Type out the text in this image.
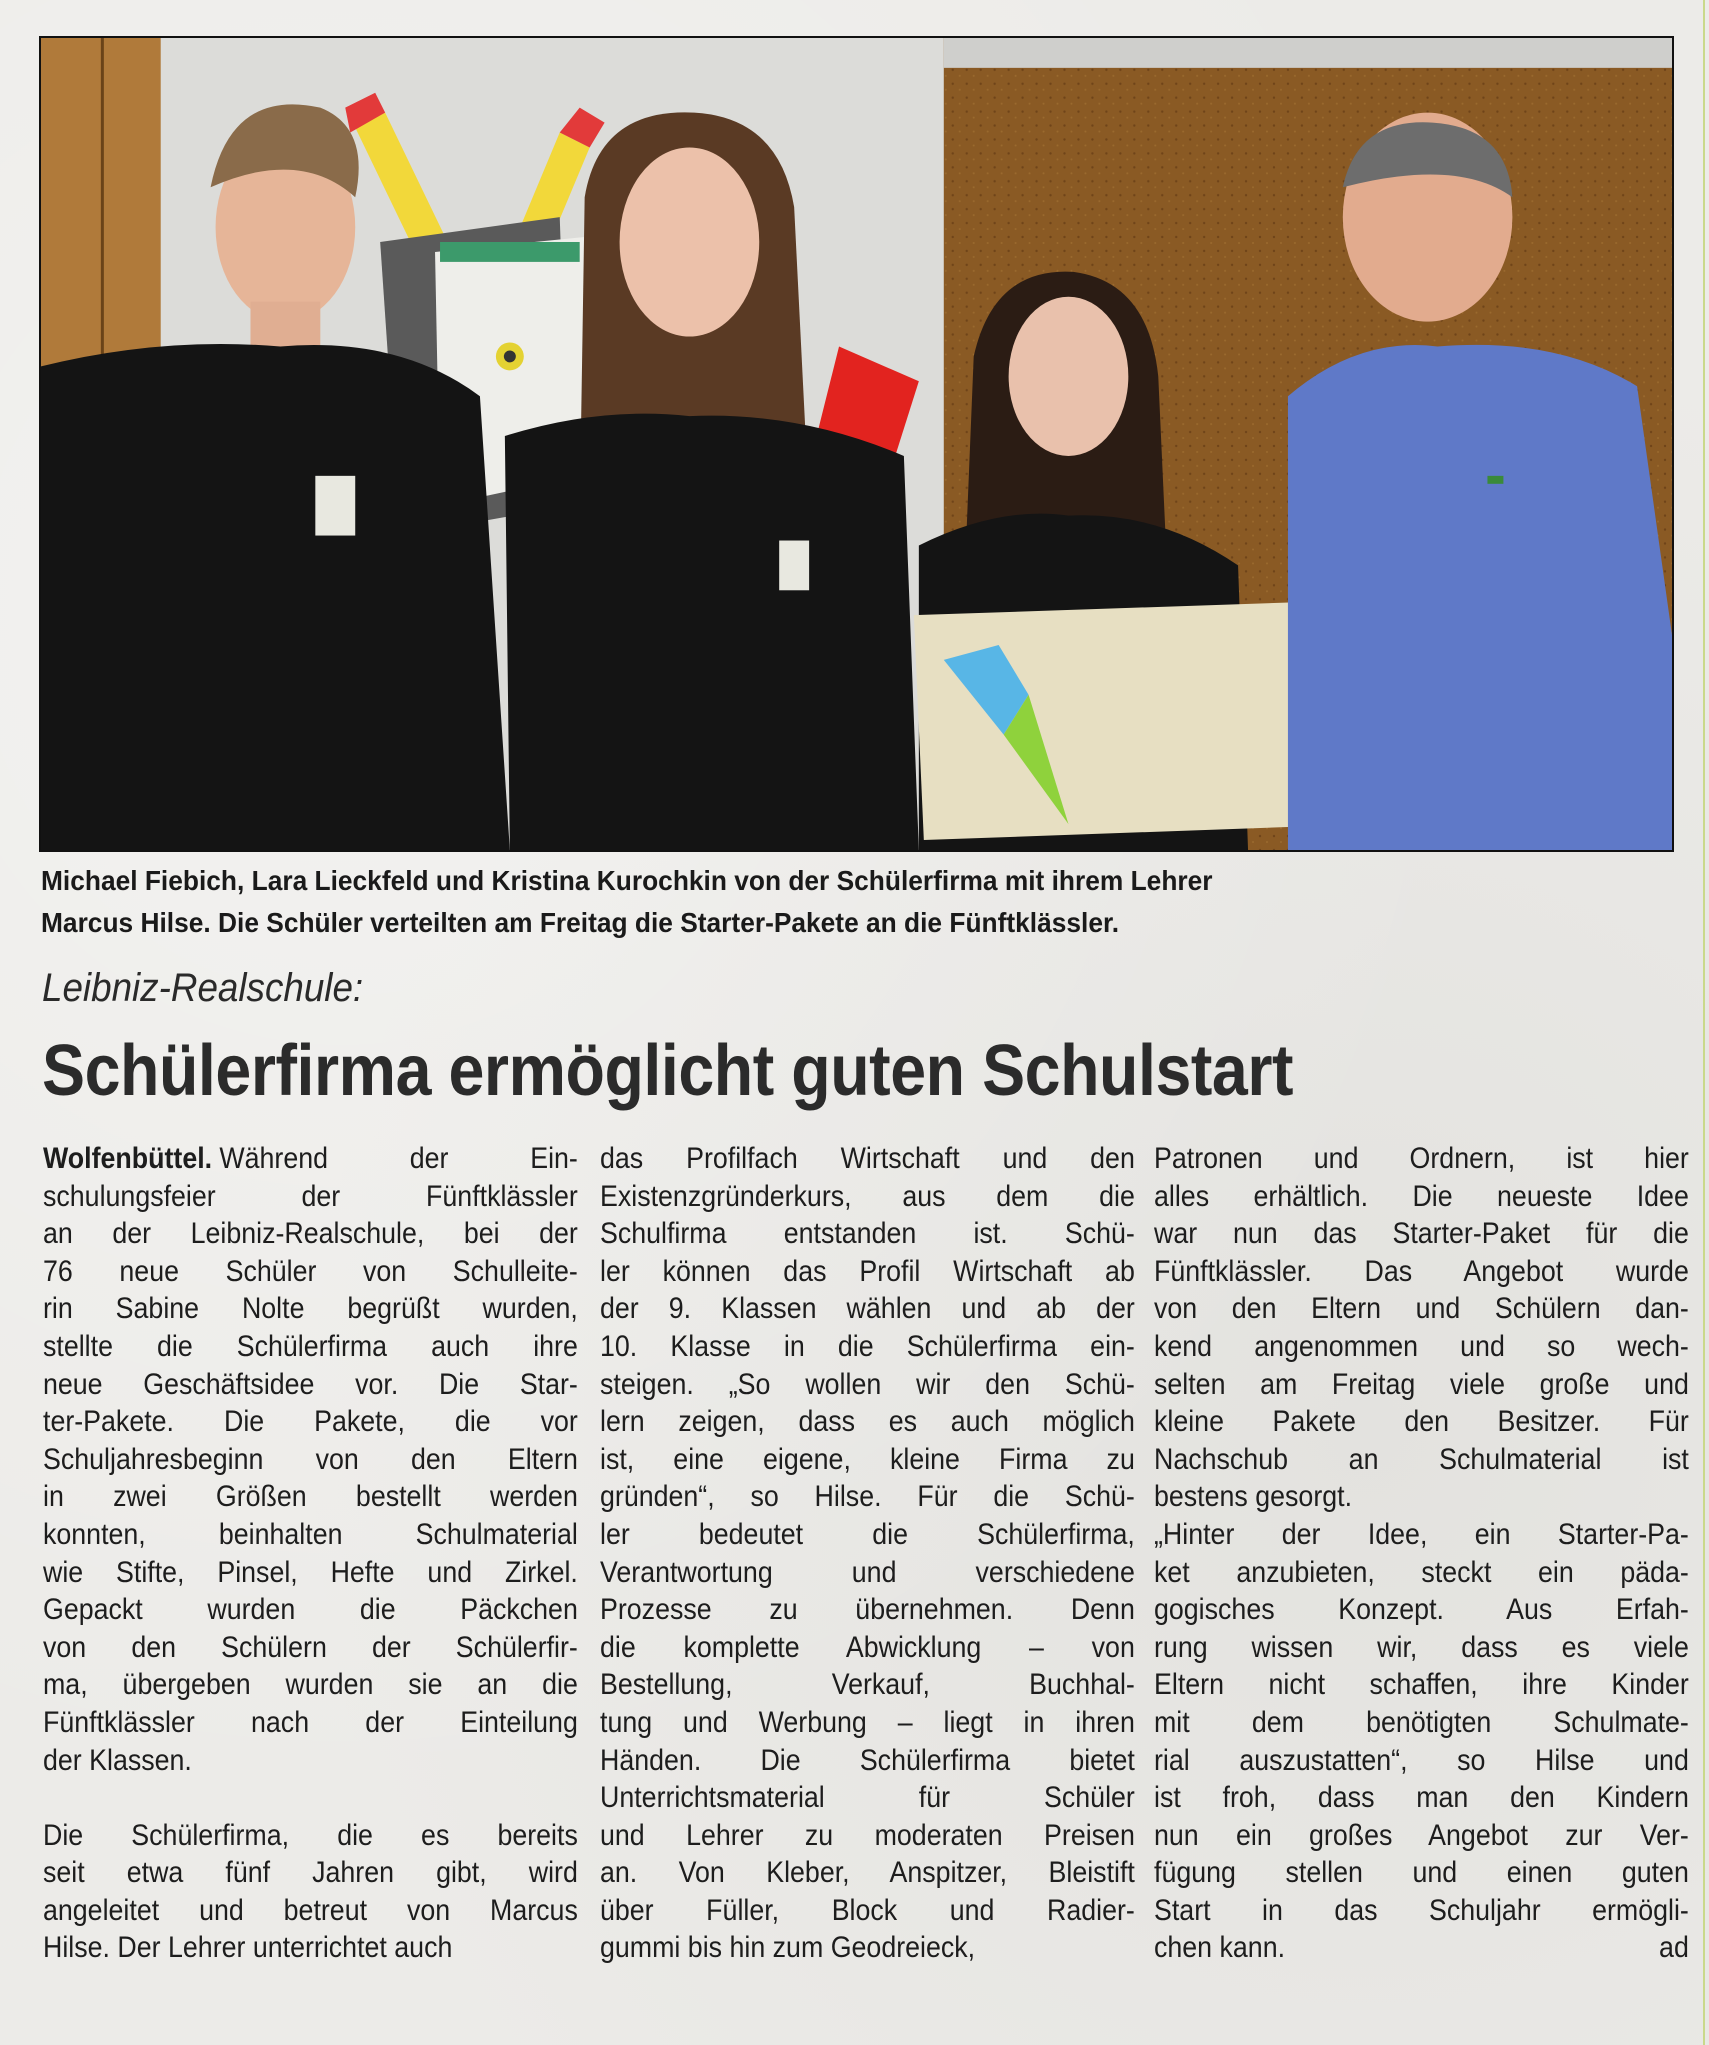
Michael Fiebich, Lara Lieckfeld und Kristina Kurochkin von der Schülerfirma mit ihrem Lehrer
Marcus Hilse. Die Schüler verteilten am Freitag die Starter-Pakete an die Fünftklässler.
Leibniz-Realschule:
Schülerfirma ermöglicht guten Schulstart
Wolfenbüttel. Während der Ein-
schulungsfeier der Fünftklässler
an der Leibniz-Realschule, bei der
76 neue Schüler von Schulleite-
rin Sabine Nolte begrüßt wurden,
stellte die Schülerfirma auch ihre
neue Geschäftsidee vor. Die Star-
ter-Pakete. Die Pakete, die vor
Schuljahresbeginn von den Eltern
in zwei Größen bestellt werden
konnten, beinhalten Schulmaterial
wie Stifte, Pinsel, Hefte und Zirkel.
Gepackt wurden die Päckchen
von den Schülern der Schülerfir-
ma, übergeben wurden sie an die
Fünftklässler nach der Einteilung
der Klassen.
Die Schülerfirma, die es bereits
seit etwa fünf Jahren gibt, wird
angeleitet und betreut von Marcus
Hilse. Der Lehrer unterrichtet auch
das Profilfach Wirtschaft und den
Existenzgründerkurs, aus dem die
Schulfirma entstanden ist. Schü-
ler können das Profil Wirtschaft ab
der 9. Klassen wählen und ab der
10. Klasse in die Schülerfirma ein-
steigen. „So wollen wir den Schü-
lern zeigen, dass es auch möglich
ist, eine eigene, kleine Firma zu
gründen“, so Hilse. Für die Schü-
ler bedeutet die Schülerfirma,
Verantwortung und verschiedene
Prozesse zu übernehmen. Denn
die komplette Abwicklung – von
Bestellung, Verkauf, Buchhal-
tung und Werbung – liegt in ihren
Händen. Die Schülerfirma bietet
Unterrichtsmaterial für Schüler
und Lehrer zu moderaten Preisen
an. Von Kleber, Anspitzer, Bleistift
über Füller, Block und Radier-
gummi bis hin zum Geodreieck,
Patronen und Ordnern, ist hier
alles erhältlich. Die neueste Idee
war nun das Starter-Paket für die
Fünftklässler. Das Angebot wurde
von den Eltern und Schülern dan-
kend angenommen und so wech-
selten am Freitag viele große und
kleine Pakete den Besitzer. Für
Nachschub an Schulmaterial ist
bestens gesorgt.
„Hinter der Idee, ein Starter-Pa-
ket anzubieten, steckt ein päda-
gogisches Konzept. Aus Erfah-
rung wissen wir, dass es viele
Eltern nicht schaffen, ihre Kinder
mit dem benötigten Schulmate-
rial auszustatten“, so Hilse und
ist froh, dass man den Kindern
nun ein großes Angebot zur Ver-
fügung stellen und einen guten
Start in das Schuljahr ermögli-
chen kann.	ad
